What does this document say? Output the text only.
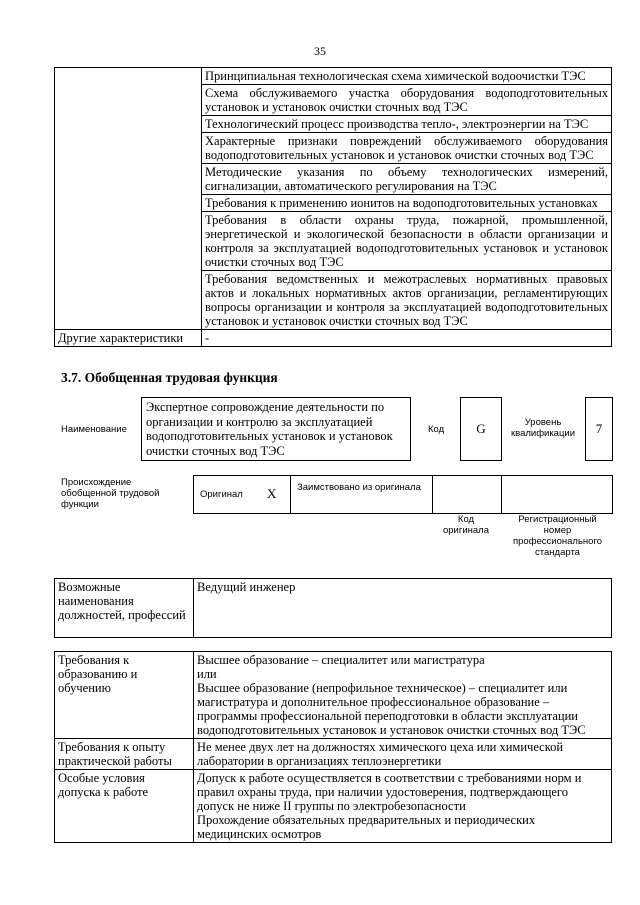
35
	Принципиальная технологическая схема химической водоочистки ТЭС
	Схема обслуживаемого участка оборудования водоподготовительных установок и установок очистки сточных вод ТЭС
	Технологический процесс производства тепло-, электроэнергии на ТЭС
	Характерные признаки повреждений обслуживаемого оборудования водоподготовительных установок и установок очистки сточных вод ТЭС
	Методические указания по объему технологических измерений, сигнализации, автоматического регулирования на ТЭС
	Требования к применению ионитов на водоподготовительных установках
	Требования в области охраны труда, пожарной, промышленной, энергетической и экологической безопасности в области организации и контроля за эксплуатацией водоподготовительных установок и установок очистки сточных вод ТЭС
	Требования ведомственных и межотраслевых нормативных правовых актов и локальных нормативных актов организации, регламентирующих вопросы организации и контроля за эксплуатацией водоподготовительных установок и установок очистки сточных вод ТЭС
Другие характеристики	-
3.7. Обобщенная трудовая функция
Наименование
Экспертное сопровождение деятельности по организации и контролю за эксплуатацией водоподготовительных установок и установок очистки сточных вод ТЭС
Код	G	Уровень квалификации	7
Происхождение обобщенной трудовой функции
Оригинал X Заимствовано из оригинала
Код оригинала
Регистрационный номер профессионального стандарта
Возможные наименования должностей, профессий	Ведущий инженер
Требования к образованию и обучению	Высшее образование – специалитет или магистратура
или
Высшее образование (непрофильное техническое) – специалитет или магистратура и дополнительное профессиональное образование – программы профессиональной переподготовки в области эксплуатации водоподготовительных установок и установок очистки сточных вод ТЭС

Требования к опыту практической работы	Не менее двух лет на должностях химического цеха или химической лаборатории в организациях теплоэнергетики

Особые условия допуска к работе	Допуск к работе осуществляется в соответствии с требованиями норм и правил охраны труда, при наличии удостоверения, подтверждающего допуск не ниже II группы по электробезопасности
Прохождение обязательных предварительных и периодических медицинских осмотров
